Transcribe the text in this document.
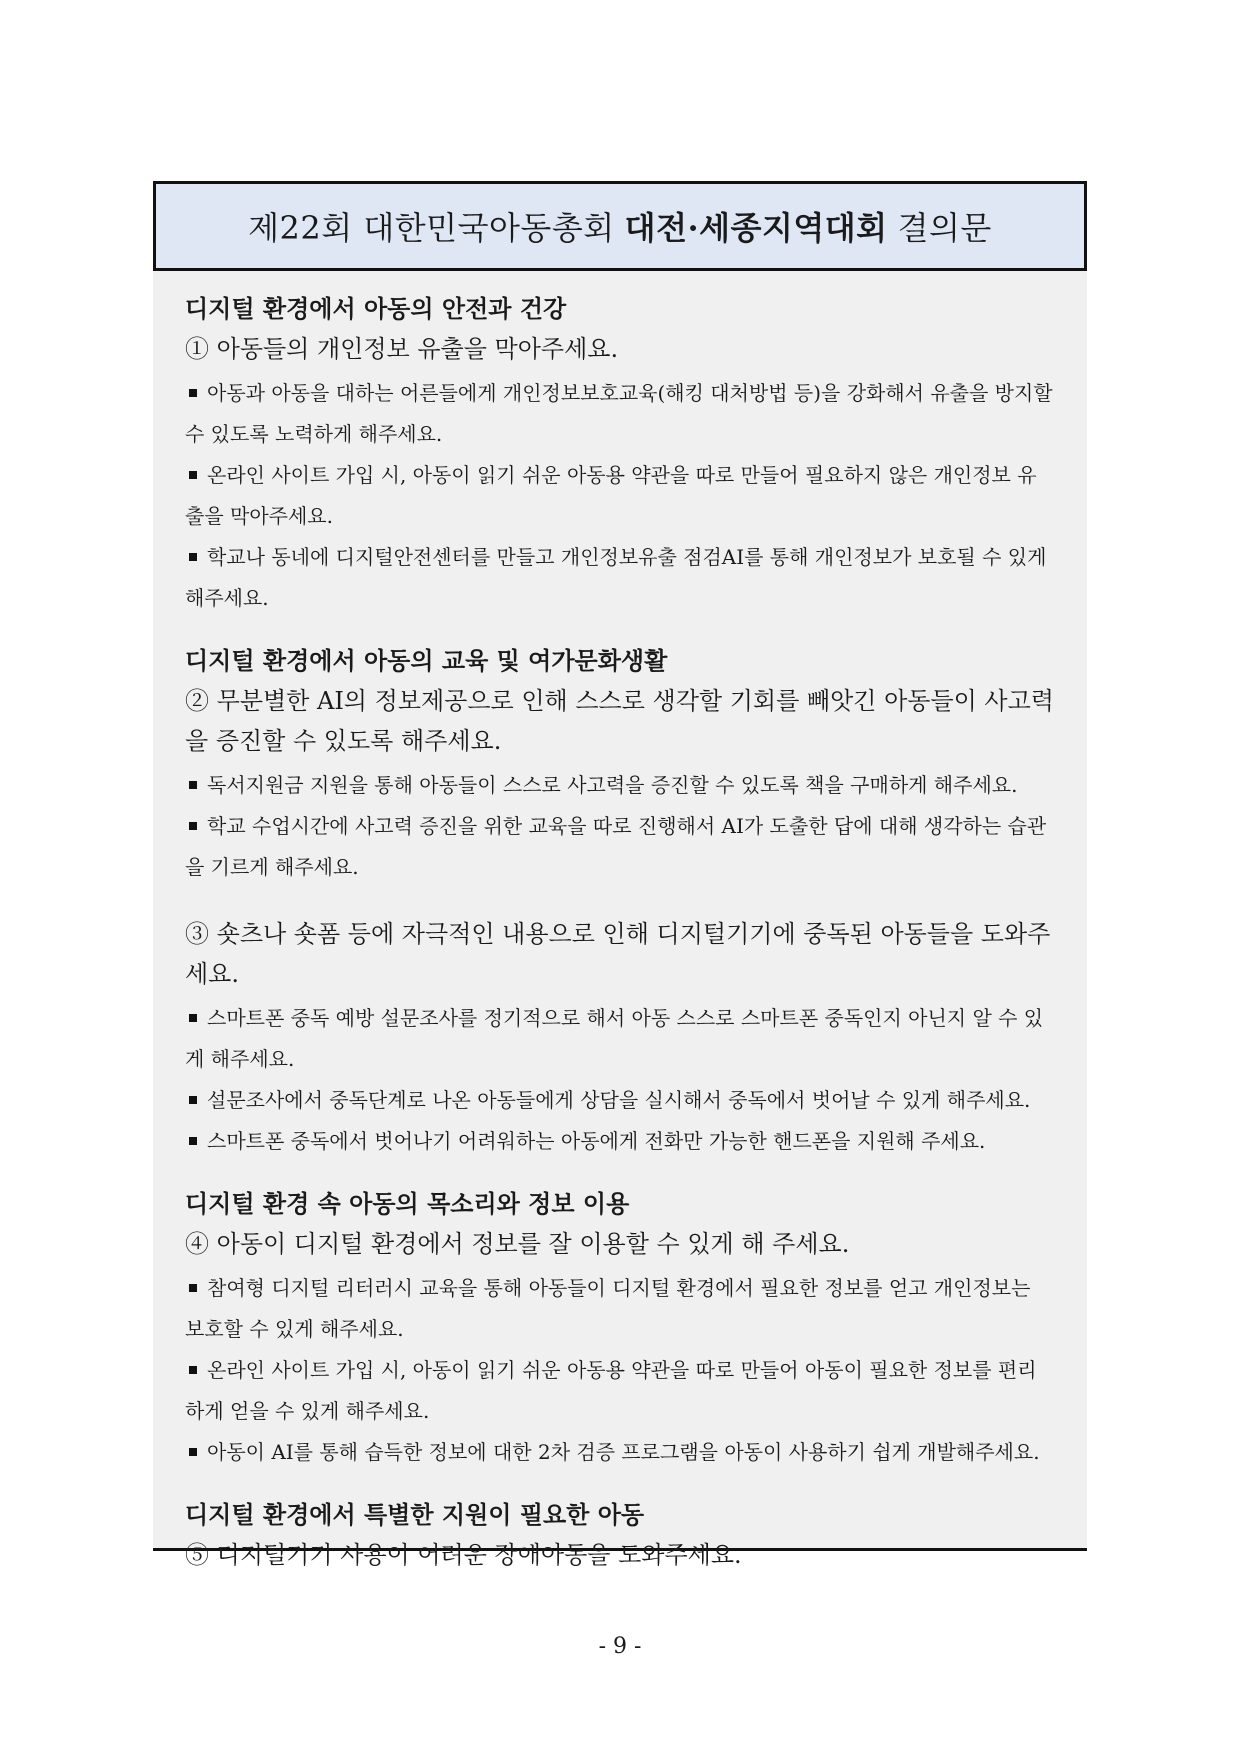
제22회 대한민국아동총회 대전·세종지역대회 결의문

디지털 환경에서 아동의 안전과 건강

① 아동들의 개인정보 유출을 막아주세요.

아동과 아동을 대하는 어른들에게 개인정보보호교육(해킹 대처방법 등)을 강화해서 유출을 방지할 수 있도록 노력하게 해주세요.

온라인 사이트 가입 시, 아동이 읽기 쉬운 아동용 약관을 따로 만들어 필요하지 않은 개인정보 유출을 막아주세요.

학교나 동네에 디지털안전센터를 만들고 개인정보유출 점검AI를 통해 개인정보가 보호될 수 있게 해주세요.

디지털 환경에서 아동의 교육 및 여가문화생활

② 무분별한 AI의 정보제공으로 인해 스스로 생각할 기회를 빼앗긴 아동들이 사고력을 증진할 수 있도록 해주세요.

독서지원금 지원을 통해 아동들이 스스로 사고력을 증진할 수 있도록 책을 구매하게 해주세요.

학교 수업시간에 사고력 증진을 위한 교육을 따로 진행해서 AI가 도출한 답에 대해 생각하는 습관을 기르게 해주세요.

③ 숏츠나 숏폼 등에 자극적인 내용으로 인해 디지털기기에 중독된 아동들을 도와주세요.

스마트폰 중독 예방 설문조사를 정기적으로 해서 아동 스스로 스마트폰 중독인지 아닌지 알 수 있게 해주세요.

설문조사에서 중독단계로 나온 아동들에게 상담을 실시해서 중독에서 벗어날 수 있게 해주세요.

스마트폰 중독에서 벗어나기 어려워하는 아동에게 전화만 가능한 핸드폰을 지원해 주세요.

디지털 환경 속 아동의 목소리와 정보 이용

④ 아동이 디지털 환경에서 정보를 잘 이용할 수 있게 해 주세요.

참여형 디지털 리터러시 교육을 통해 아동들이 디지털 환경에서 필요한 정보를 얻고 개인정보는 보호할 수 있게 해주세요.

온라인 사이트 가입 시, 아동이 읽기 쉬운 아동용 약관을 따로 만들어 아동이 필요한 정보를 편리하게 얻을 수 있게 해주세요.

아동이 AI를 통해 습득한 정보에 대한 2차 검증 프로그램을 아동이 사용하기 쉽게 개발해주세요.

디지털 환경에서 특별한 지원이 필요한 아동

⑤ 디지털기기 사용이 어려운 장애아동을 도와주세요.

- 9 -
